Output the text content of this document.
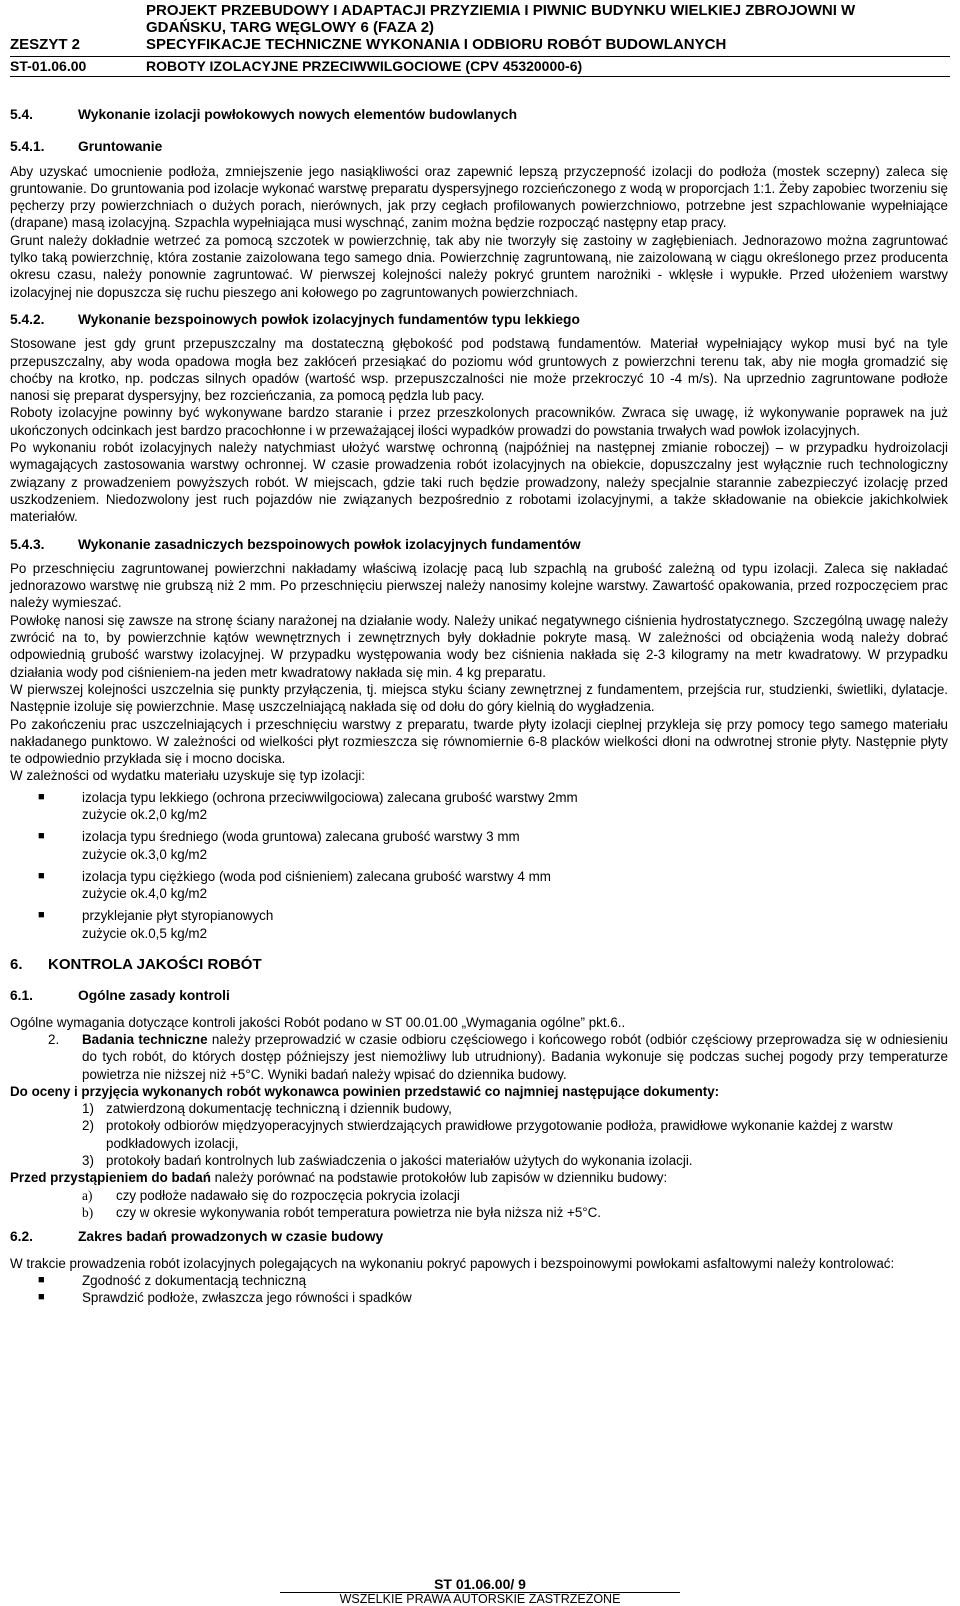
PROJEKT PRZEBUDOWY I ADAPTACJI PRZYZIEMIA I PIWNIC BUDYNKU WIELKIEJ ZBROJOWNI W
GDAŃSKU, TARG WĘGLOWY 6 (FAZA 2)
ZESZYT 2	SPECYFIKACJE TECHNICZNE WYKONANIA I ODBIORU ROBÓT BUDOWLANYCH
ST-01.06.00	ROBOTY IZOLACYJNE PRZECIWWILGOCIOWE (CPV 45320000-6)
5.4.	Wykonanie izolacji powłokowych nowych elementów budowlanych
5.4.1.	Gruntowanie

Aby uzyskać umocnienie podłoża, zmniejszenie jego nasiąkliwości oraz zapewnić lepszą przyczepność izolacji do podłoża (mostek sczepny) zaleca się gruntowanie. Do gruntowania pod izolacje wykonać warstwę preparatu dyspersyjnego rozcieńczonego z wodą w proporcjach 1:1. Żeby zapobiec tworzeniu się pęcherzy przy powierzchniach o dużych porach, nierównych, jak przy cegłach profilowanych powierzchniowo, potrzebne jest szpachlowanie wypełniające (drapane) masą izolacyjną. Szpachla wypełniająca musi wyschnąć, zanim można będzie rozpocząć następny etap pracy.

Grunt należy dokładnie wetrzeć za pomocą szczotek w powierzchnię, tak aby nie tworzyły się zastoiny w zagłębieniach. Jednorazowo można zagruntować tylko taką powierzchnię, która zostanie zaizolowana tego samego dnia. Powierzchnię zagruntowaną, nie zaizolowaną w ciągu określonego przez producenta okresu czasu, należy ponownie zagruntować. W pierwszej kolejności należy pokryć gruntem narożniki - wklęsłe i wypukłe. Przed ułożeniem warstwy izolacyjnej nie dopuszcza się ruchu pieszego ani kołowego po zagruntowanych powierzchniach.

5.4.2.	Wykonanie bezspoinowych powłok izolacyjnych fundamentów typu lekkiego

Stosowane jest gdy grunt przepuszczalny ma dostateczną głębokość pod podstawą fundamentów. Materiał wypełniający wykop musi być na tyle przepuszczalny, aby woda opadowa mogła bez zakłóceń przesiąkać do poziomu wód gruntowych z powierzchni terenu tak, aby nie mogła gromadzić się choćby na krotko, np. podczas silnych opadów (wartość wsp. przepuszczalności nie może przekroczyć 10 -4 m/s). Na uprzednio zagruntowane podłoże nanosi się preparat dyspersyjny, bez rozcieńczania, za pomocą pędzla lub pacy.

Roboty izolacyjne powinny być wykonywane bardzo staranie i przez przeszkolonych pracowników. Zwraca się uwagę, iż wykonywanie poprawek na już ukończonych odcinkach jest bardzo pracochłonne i w przeważającej ilości wypadków prowadzi do powstania trwałych wad powłok izolacyjnych.

Po wykonaniu robót izolacyjnych należy natychmiast ułożyć warstwę ochronną (najpóźniej na następnej zmianie roboczej) – w przypadku hydroizolacji wymagających zastosowania warstwy ochronnej. W czasie prowadzenia robót izolacyjnych na obiekcie, dopuszczalny jest wyłącznie ruch technologiczny związany z prowadzeniem powyższych robót. W miejscach, gdzie taki ruch będzie prowadzony, należy specjalnie starannie zabezpieczyć izolację przed uszkodzeniem. Niedozwolony jest ruch pojazdów nie związanych bezpośrednio z robotami izolacyjnymi, a także składowanie na obiekcie jakichkolwiek materiałów.

5.4.3.	Wykonanie zasadniczych bezspoinowych powłok izolacyjnych fundamentów

Po przeschnięciu zagruntowanej powierzchni nakładamy właściwą izolację pacą lub szpachlą na grubość zależną od typu izolacji. Zaleca się nakładać jednorazowo warstwę nie grubszą niż 2 mm. Po przeschnięciu pierwszej należy nanosimy kolejne warstwy. Zawartość opakowania, przed rozpoczęciem prac należy wymieszać.

Powłokę nanosi się zawsze na stronę ściany narażonej na działanie wody. Należy unikać negatywnego ciśnienia hydrostatycznego. Szczególną uwagę należy zwrócić na to, by powierzchnie kątów wewnętrznych i zewnętrznych były dokładnie pokryte masą. W zależności od obciążenia wodą należy dobrać odpowiednią grubość warstwy izolacyjnej. W przypadku występowania wody bez ciśnienia nakłada się 2-3 kilogramy na metr kwadratowy. W przypadku działania wody pod ciśnieniem-na jeden metr kwadratowy nakłada się min. 4 kg preparatu.

W pierwszej kolejności uszczelnia się punkty przyłączenia, tj. miejsca styku ściany zewnętrznej z fundamentem, przejścia rur, studzienki, świetliki, dylatacje. Następnie izoluje się powierzchnie. Masę uszczelniającą nakłada się od dołu do góry kielnią do wygładzenia.

Po zakończeniu prac uszczelniających i przeschnięciu warstwy z preparatu, twarde płyty izolacji cieplnej przykleja się przy pomocy tego samego materiału nakładanego punktowo. W zależności od wielkości płyt rozmieszcza się równomiernie 6-8 placków wielkości dłoni na odwrotnej stronie płyty. Następnie płyty te odpowiednio przykłada się i mocno dociska.

W zależności od wydatku materiału uzyskuje się typ izolacji:

■ izolacja typu lekkiego (ochrona przeciwwilgociowa) zalecana grubość warstwy 2mm
zużycie ok.2,0 kg/m2
■ izolacja typu średniego (woda gruntowa) zalecana grubość warstwy 3 mm
zużycie ok.3,0 kg/m2
■ izolacja typu ciężkiego (woda pod ciśnieniem) zalecana grubość warstwy 4 mm
zużycie ok.4,0 kg/m2
■ przyklejanie płyt styropianowych
zużycie ok.0,5 kg/m2
6.	KONTROLA JAKOŚCI ROBÓT
6.1.	Ogólne zasady kontroli

Ogólne wymagania dotyczące kontroli jakości Robót podano w ST 00.01.00 „Wymagania ogólne” pkt.6..

2.	Badania techniczne należy przeprowadzić w czasie odbioru częściowego i końcowego robót (odbiór częściowy przeprowadza się w odniesieniu do tych robót, do których dostęp późniejszy jest niemożliwy lub utrudniony). Badania wykonuje się podczas suchej pogody przy temperaturze powietrza nie niższej niż +5°C. Wyniki badań należy wpisać do dziennika budowy.

Do oceny i przyjęcia wykonanych robót wykonawca powinien przedstawić co najmniej następujące dokumenty:

1) zatwierdzoną dokumentację techniczną i dziennik budowy,
2) protokoły odbiorów międzyoperacyjnych stwierdzających prawidłowe przygotowanie podłoża, prawidłowe wykonanie każdej z warstw podkładowych izolacji,
3) protokoły badań kontrolnych lub zaświadczenia o jakości materiałów użytych do wykonania izolacji.

Przed przystąpieniem do badań należy porównać na podstawie protokołów lub zapisów w dzienniku budowy:

a)	czy podłoże nadawało się do rozpoczęcia pokrycia izolacji
b)	czy w okresie wykonywania robót temperatura powietrza nie była niższa niż +5°C.
6.2.	Zakres badań prowadzonych w czasie budowy

W trakcie prowadzenia robót izolacyjnych polegających na wykonaniu pokryć papowych i bezspoinowymi powłokami asfaltowymi należy kontrolować:

■ Zgodność z dokumentacją techniczną
■ Sprawdzić podłoże, zwłaszcza jego równości i spadków
ST 01.06.00/ 9
WSZELKIE PRAWA AUTORSKIE ZASTRZEŻONE
